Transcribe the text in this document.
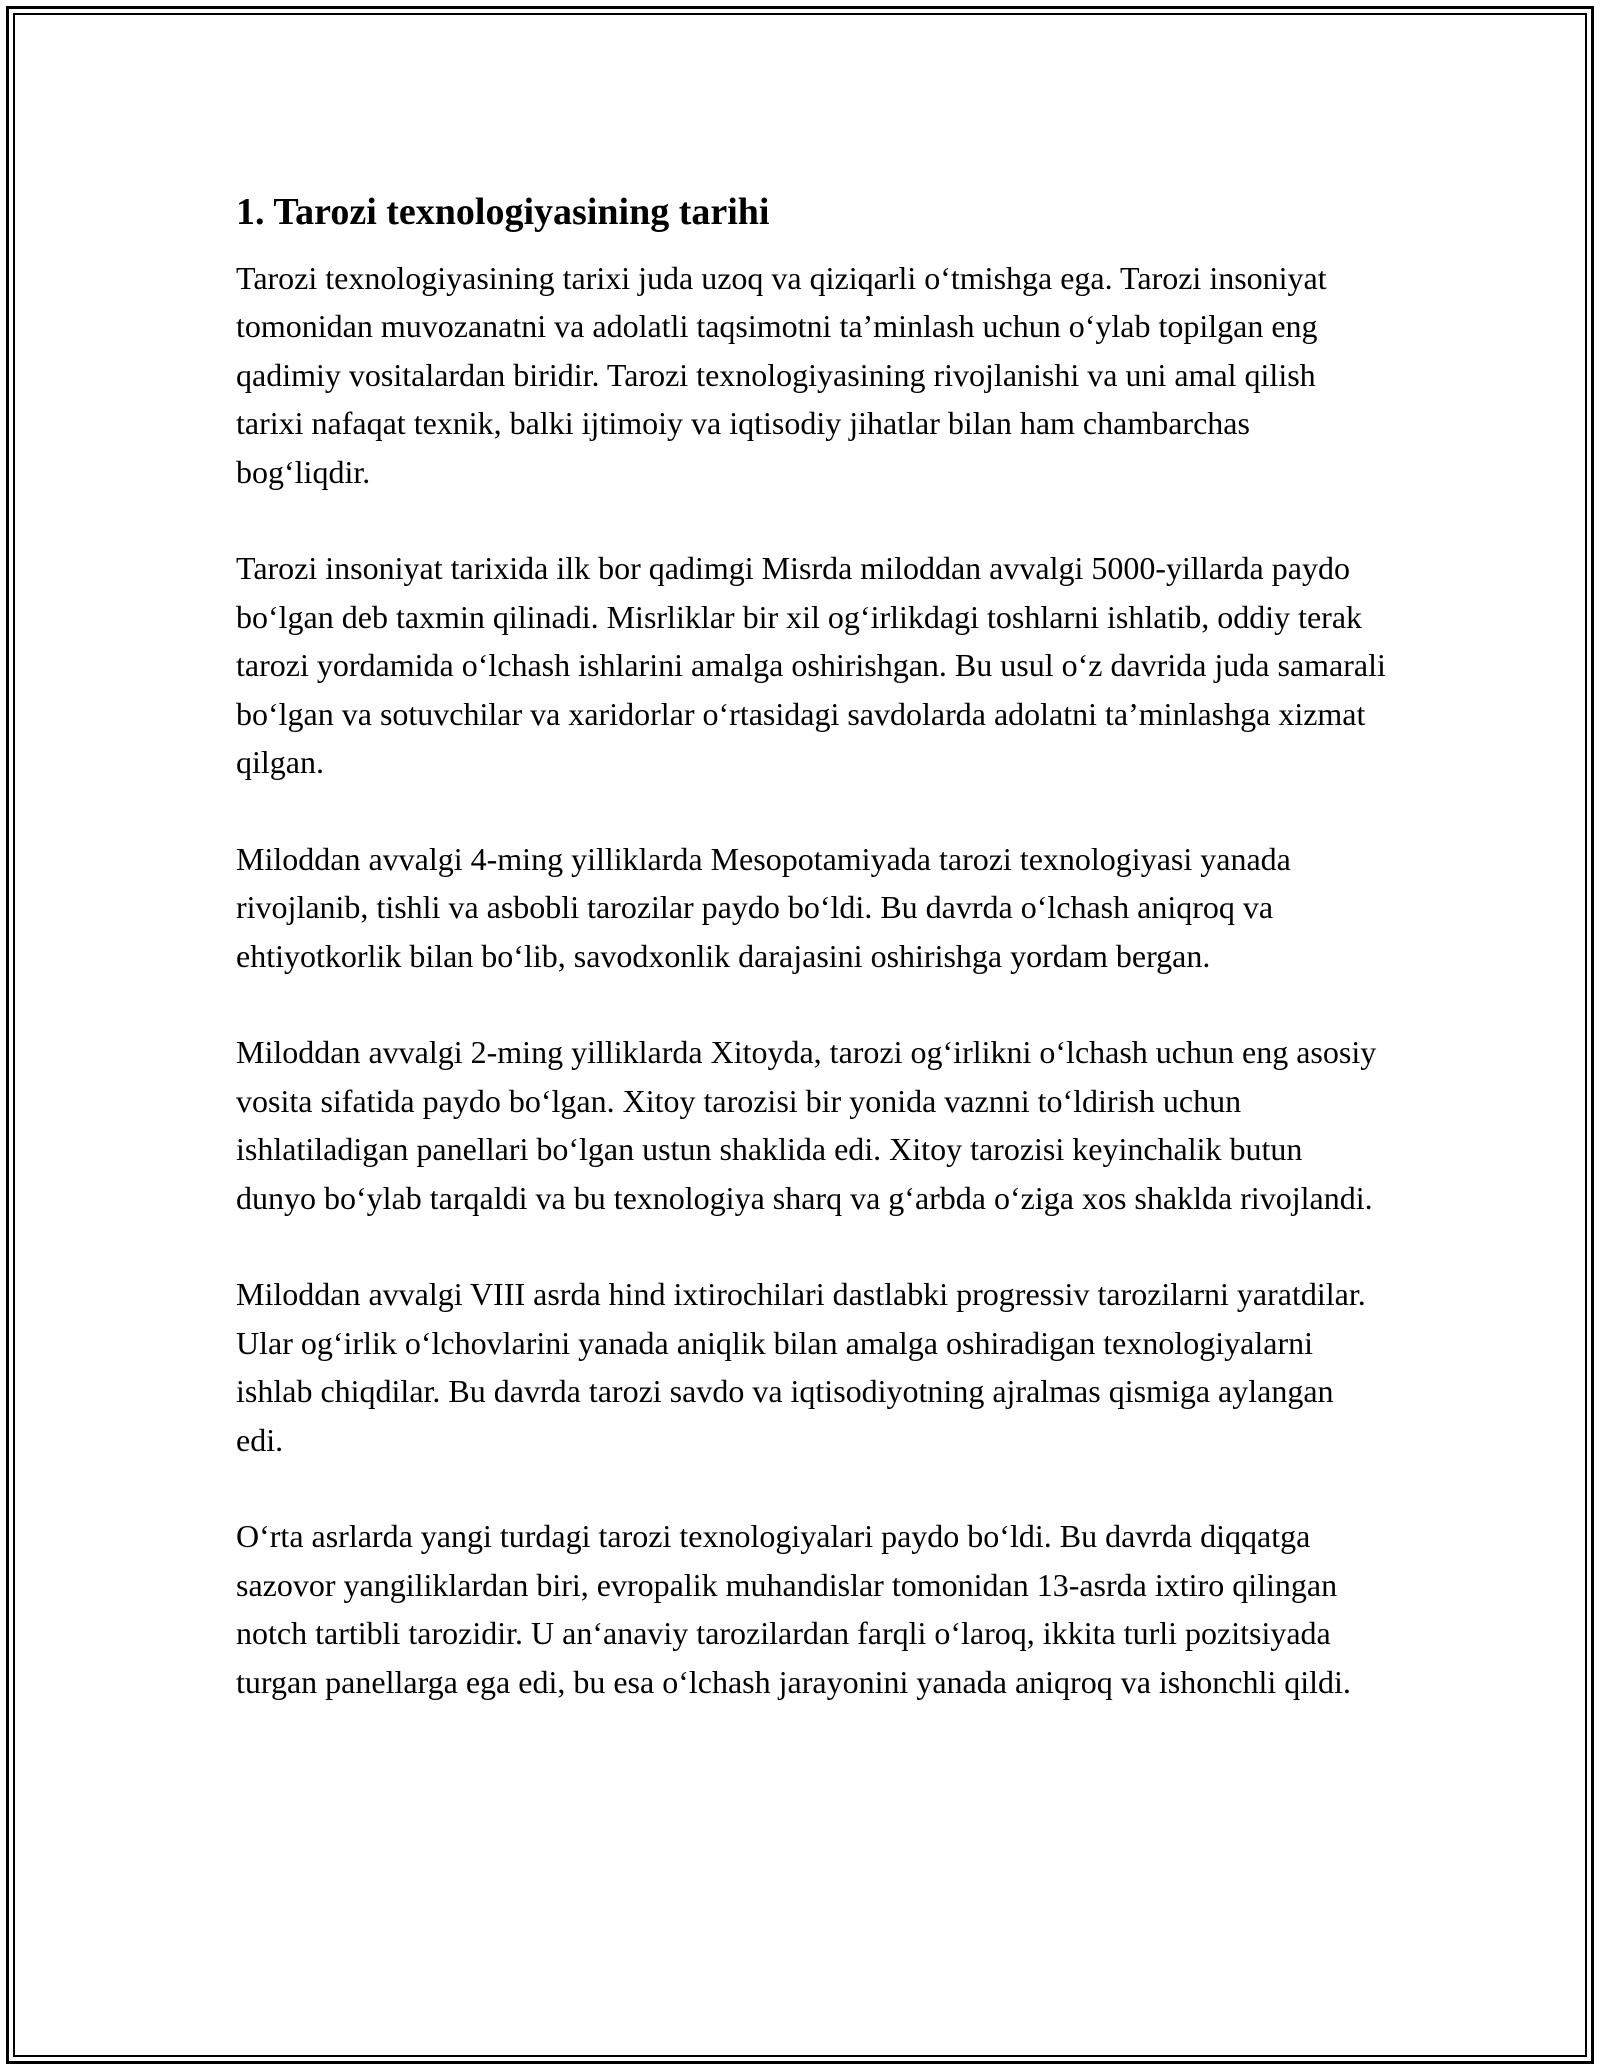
1. Tarozi texnologiyasining tarihi

Tarozi texnologiyasining tarixi juda uzoq va qiziqarli oʻtmishga ega. Tarozi insoniyat tomonidan muvozanatni va adolatli taqsimotni taʼminlash uchun oʻylab topilgan eng qadimiy vositalardan biridir. Tarozi texnologiyasining rivojlanishi va uni amal qilish tarixi nafaqat texnik, balki ijtimoiy va iqtisodiy jihatlar bilan ham chambarchas bogʻliqdir.

Tarozi insoniyat tarixida ilk bor qadimgi Misrda miloddan avvalgi 5000-yillarda paydo boʻlgan deb taxmin qilinadi. Misrliklar bir xil ogʻirlikdagi toshlarni ishlatib, oddiy terak tarozi yordamida oʻlchash ishlarini amalga oshirishgan. Bu usul oʻz davrida juda samarali boʻlgan va sotuvchilar va xaridorlar oʻrtasidagi savdolarda adolatni taʼminlashga xizmat qilgan.

Miloddan avvalgi 4-ming yilliklarda Mesopotamiyada tarozi texnologiyasi yanada rivojlanib, tishli va asbobli tarozilar paydo boʻldi. Bu davrda oʻlchash aniqroq va ehtiyotkorlik bilan boʻlib, savodxonlik darajasini oshirishga yordam bergan.

Miloddan avvalgi 2-ming yilliklarda Xitoyda, tarozi ogʻirlikni oʻlchash uchun eng asosiy vosita sifatida paydo boʻlgan. Xitoy tarozisi bir yonida vaznni toʻldirish uchun ishlatiladigan panellari boʻlgan ustun shaklida edi. Xitoy tarozisi keyinchalik butun dunyo boʻylab tarqaldi va bu texnologiya sharq va gʻarbda oʻziga xos shaklda rivojlandi.

Miloddan avvalgi VIII asrda hind ixtirochilari dastlabki progressiv tarozilarni yaratdilar. Ular ogʻirlik oʻlchovlarini yanada aniqlik bilan amalga oshiradigan texnologiyalarni ishlab chiqdilar. Bu davrda tarozi savdo va iqtisodiyotning ajralmas qismiga aylangan edi.

Oʻrta asrlarda yangi turdagi tarozi texnologiyalari paydo boʻldi. Bu davrda diqqatga sazovor yangiliklardan biri, evropalik muhandislar tomonidan 13-asrda ixtiro qilingan notch tartibli tarozidir. U anʻanaviy tarozilardan farqli oʻlaroq, ikkita turli pozitsiyada turgan panellarga ega edi, bu esa oʻlchash jarayonini yanada aniqroq va ishonchli qildi.
